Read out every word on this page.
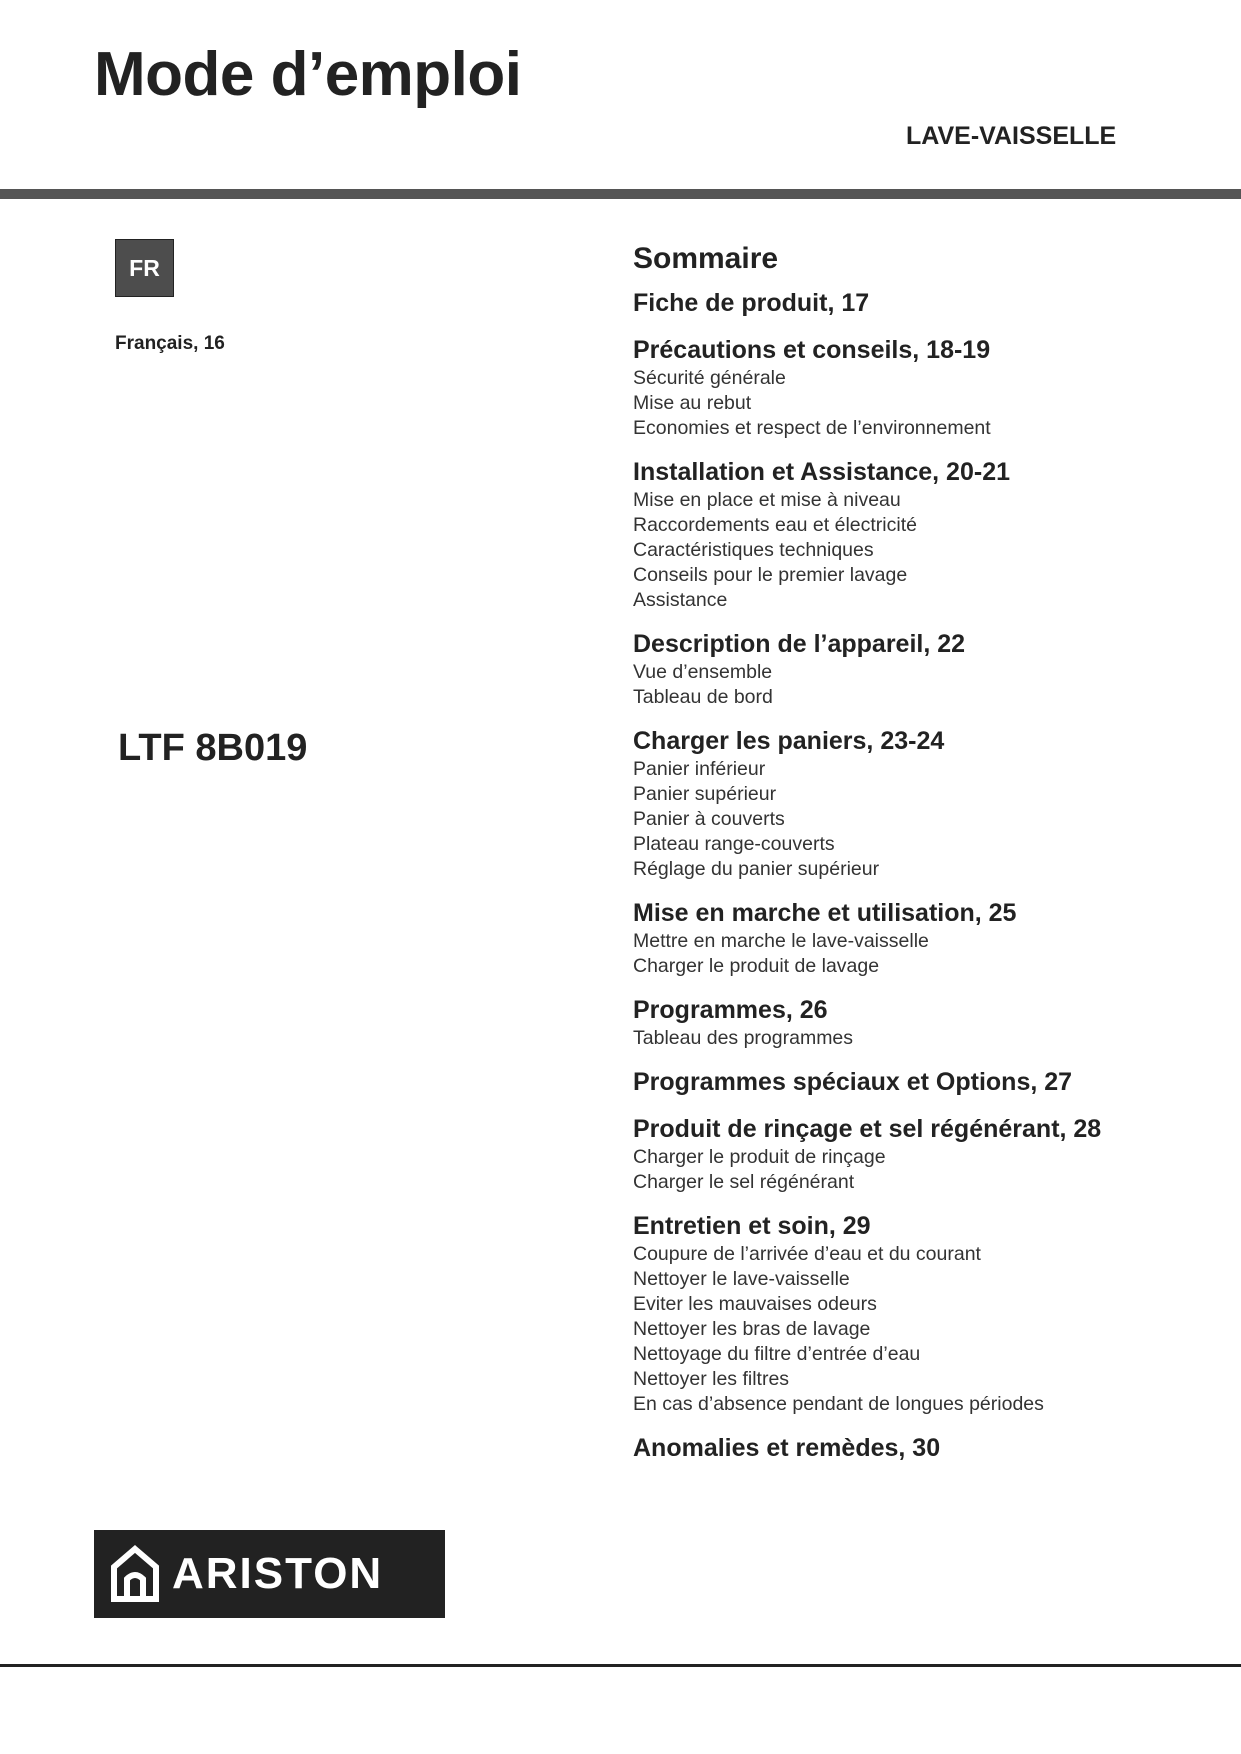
Mode d’emploi
LAVE-VAISSELLE
FR
Français, 16
LTF 8B019
Sommaire
Fiche de produit, 17
Précautions et conseils, 18-19
Sécurité générale
Mise au rebut
Economies et respect de l’environnement
Installation et Assistance, 20-21
Mise en place et mise à niveau
Raccordements eau et électricité
Caractéristiques techniques
Conseils pour le premier lavage
Assistance
Description de l’appareil, 22
Vue d’ensemble
Tableau de bord
Charger les paniers, 23-24
Panier inférieur
Panier supérieur
Panier à couverts
Plateau range-couverts
Réglage du panier supérieur
Mise en marche et utilisation, 25
Mettre en marche le lave-vaisselle
Charger le produit de lavage
Programmes, 26
Tableau des programmes
Programmes spéciaux et Options, 27
Produit de rinçage et sel régénérant, 28
Charger le produit de rinçage
Charger le sel régénérant
Entretien et soin, 29
Coupure de l’arrivée d’eau et du courant
Nettoyer le lave-vaisselle
Eviter les mauvaises odeurs
Nettoyer les bras de lavage
Nettoyage du filtre d’entrée d’eau
Nettoyer les filtres
En cas d’absence pendant de longues périodes
Anomalies et remèdes, 30
ARISTON
